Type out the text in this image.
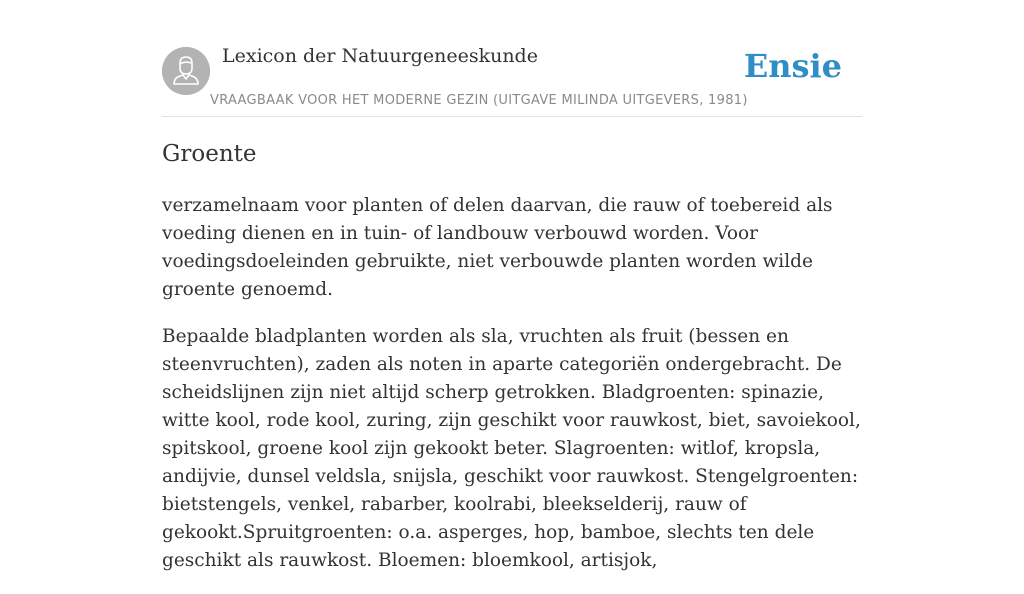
Lexicon der Natuurgeneeskunde
VRAAGBAAK VOOR HET MODERNE GEZIN (UITGAVE MILINDA UITGEVERS, 1981)
Ensie
Groente

verzamelnaam voor planten of delen daarvan, die rauw of toebereid als voeding dienen en in tuin- of landbouw verbouwd worden. Voor voedingsdoeleinden gebruikte, niet verbouwde planten worden wilde groente genoemd.

Bepaalde bladplanten worden als sla, vruchten als fruit (bessen en steenvruchten), zaden als noten in aparte categoriën ondergebracht. De scheidslijnen zijn niet altijd scherp getrokken. Bladgroenten: spinazie, witte kool, rode kool, zuring, zijn geschikt voor rauwkost, biet, savoiekool, spitskool, groene kool zijn gekookt beter. Slagroenten: witlof, kropsla, andijvie, dunsel veldsla, snijsla, geschikt voor rauwkost. Stengelgroenten: bietstengels, venkel, rabarber, koolrabi, bleekselderij, rauw of gekookt.Spruitgroenten: o.a. asperges, hop, bamboe, slechts ten dele geschikt als rauwkost. Bloemen: bloemkool, artisjok,
